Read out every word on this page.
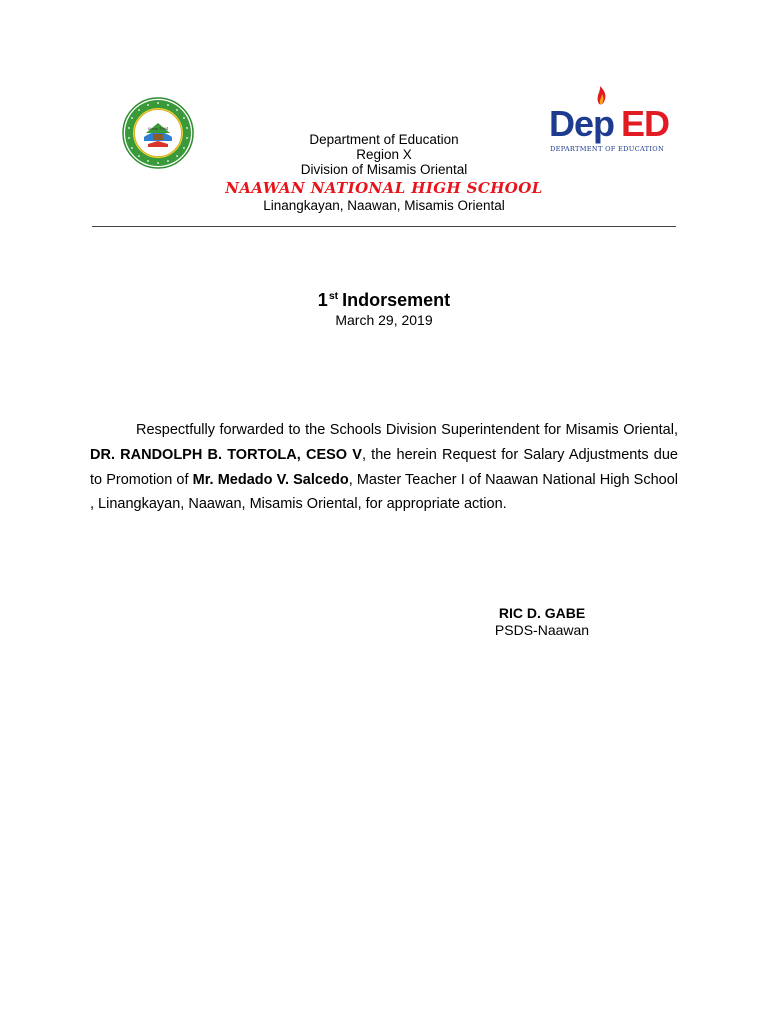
Since 1984	Dep ED
DEPARTMENT OF EDUCATION
Department of Education
Region X
Division of Misamis Oriental
NAAWAN NATIONAL HIGH SCHOOL
Linangkayan, Naawan, Misamis Oriental
1st Indorsement
March 29, 2019

Respectfully forwarded to the Schools Division Superintendent for Misamis Oriental, DR. RANDOLPH B. TORTOLA, CESO V, the herein Request for Salary Adjustments due to Promotion of Mr. Medado V. Salcedo, Master Teacher I of Naawan National High School , Linangkayan, Naawan, Misamis Oriental, for appropriate action.

RIC D. GABE
PSDS-Naawan
